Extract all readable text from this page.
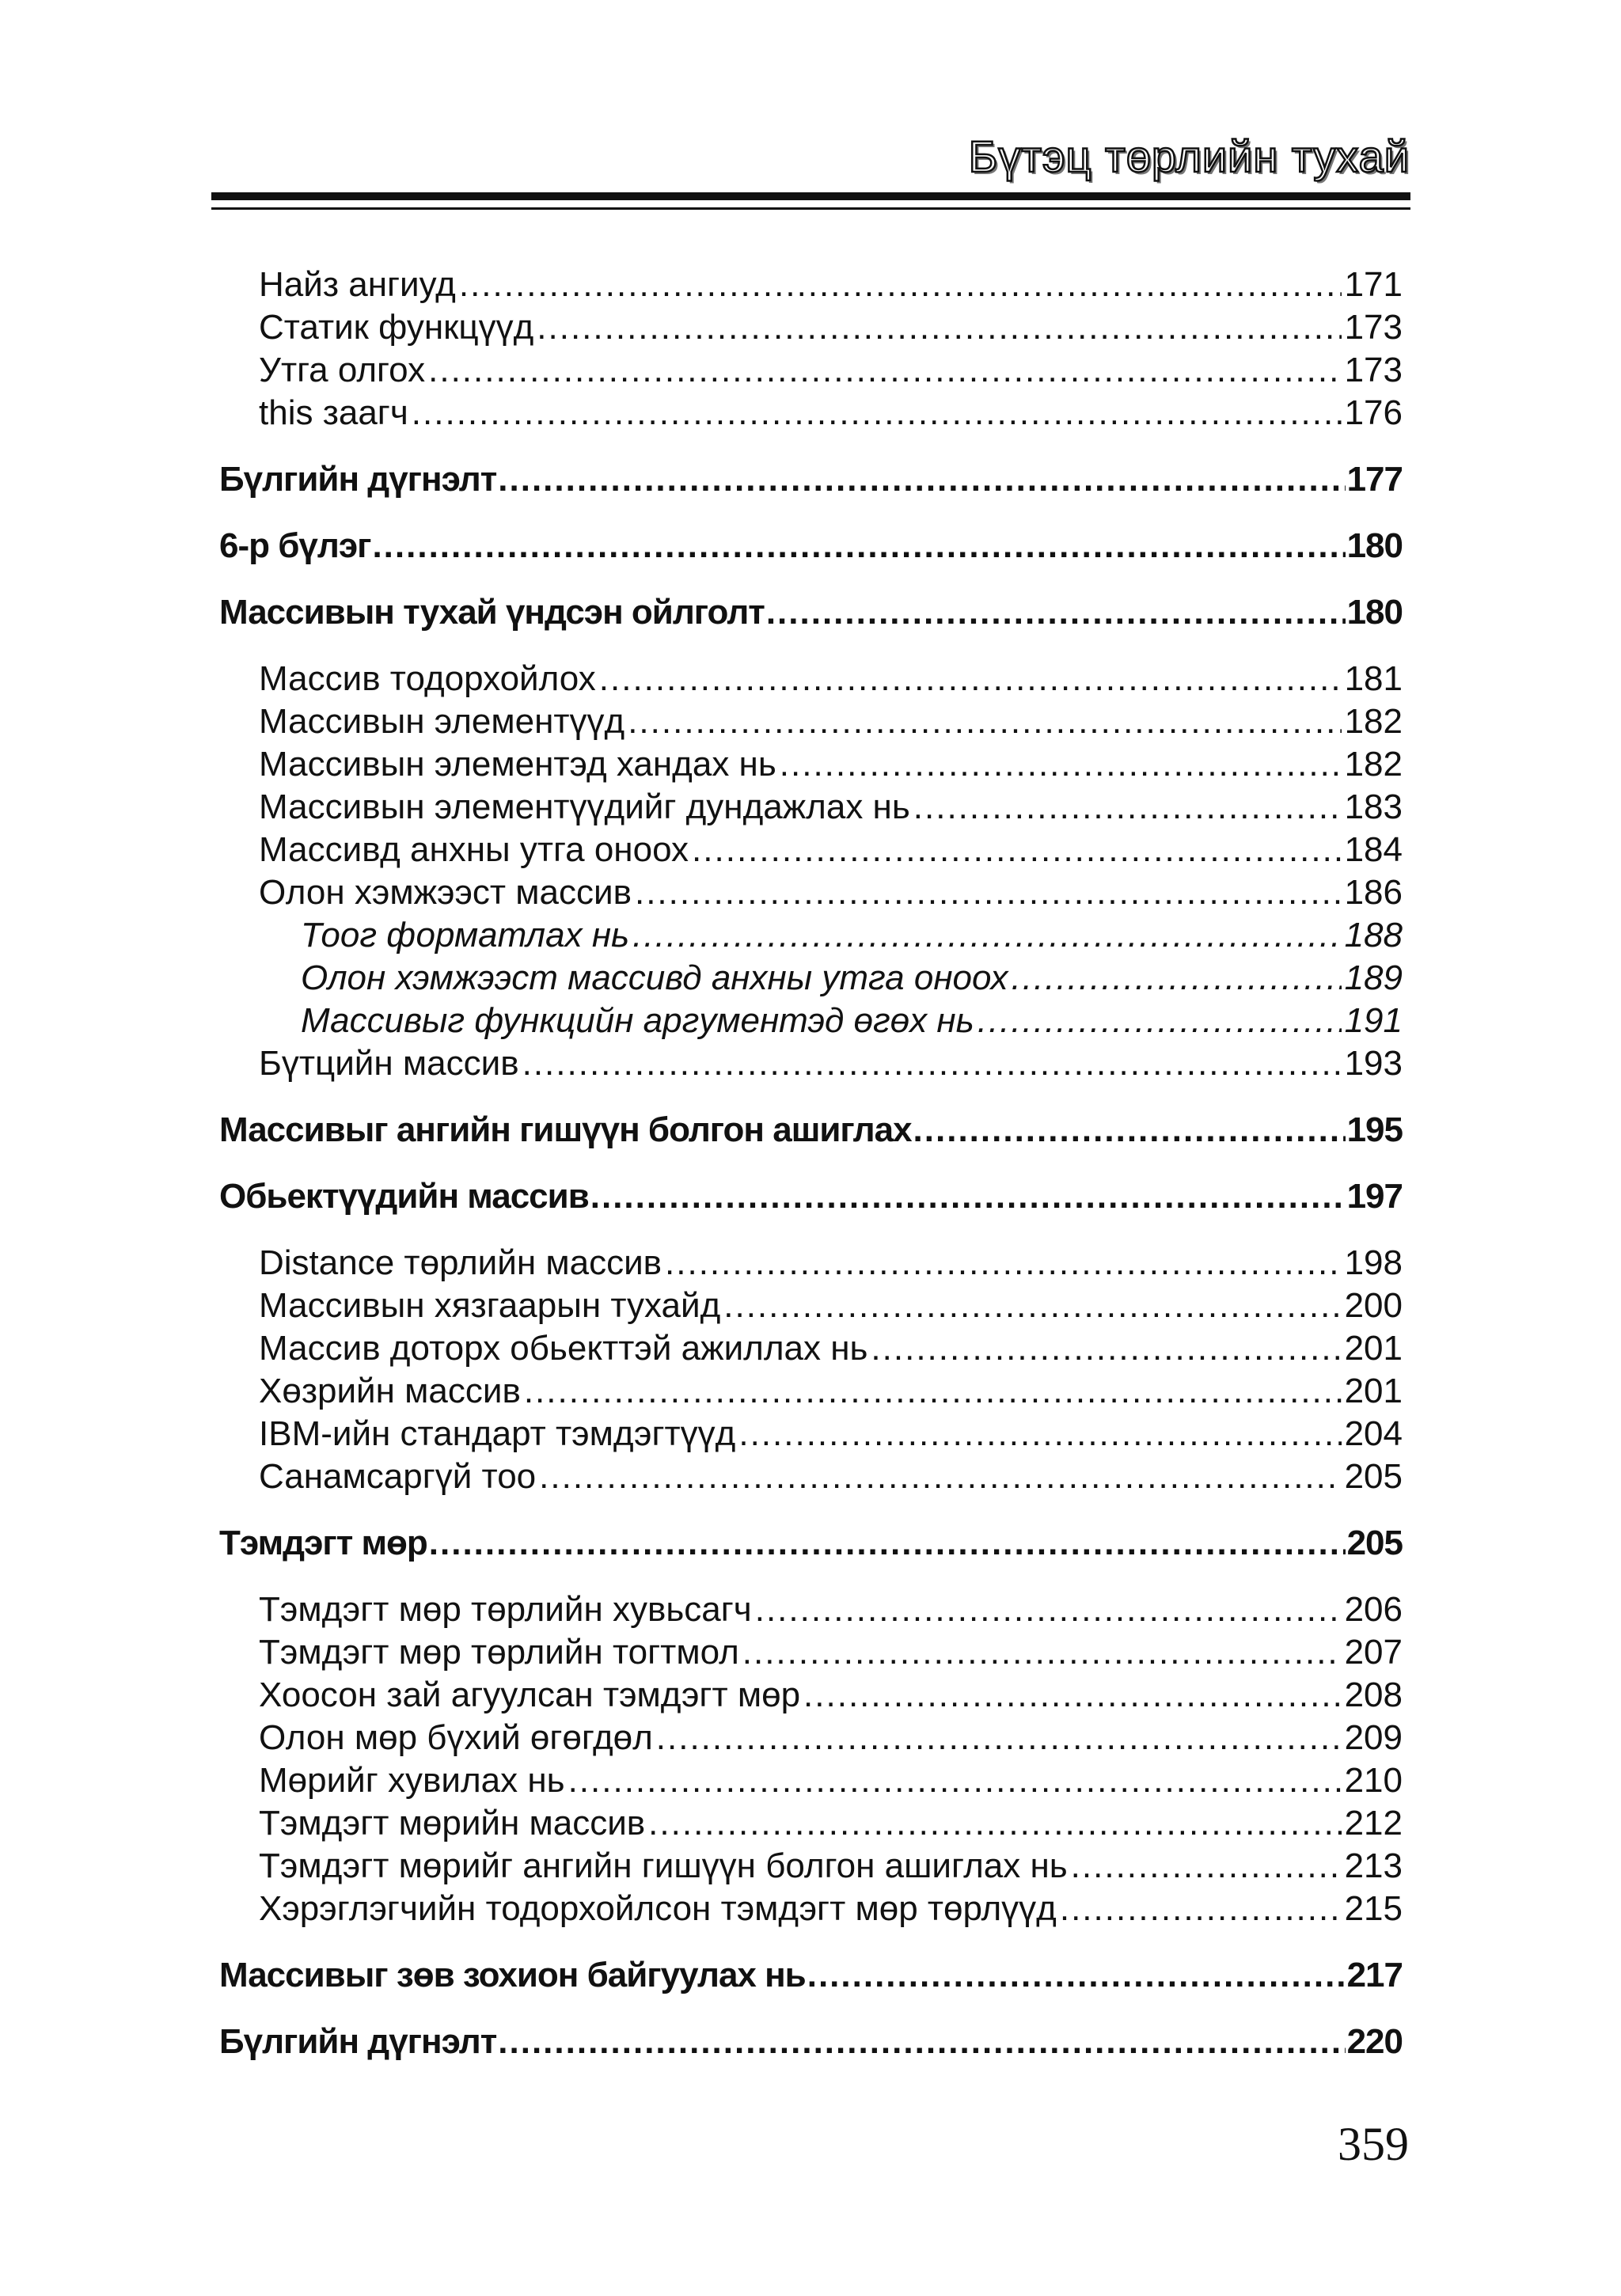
Бүтэц төрлийн тухай
Найз ангиуд .....	171
Статик функцүүд .....	173
Утга олгох .....	173
this заагч .....	176
Бүлгийн дүгнэлт .....	177
6-р бүлэг .....	180
Массивын тухай үндсэн ойлголт .....	180
Массив тодорхойлох .....	181
Массивын элементүүд .....	182
Массивын элементэд хандах нь .....	182
Массивын элементүүдийг дундажлах нь .....	183
Массивд анхны утга оноох .....	184
Олон хэмжээст массив .....	186
Тоог форматлах нь .....	188
Олон хэмжээст массивд анхны утга оноох .....	189
Массивыг функцийн аргументэд өгөх нь .....	191
Бүтцийн массив .....	193
Массивыг ангийн гишүүн болгон ашиглах .....	195
Обьектүүдийн массив .....	197
Distance төрлийн массив .....	198
Массивын хязгаарын тухайд .....	200
Массив доторх обьекттэй ажиллах нь .....	201
Хөзрийн массив .....	201
IBM-ийн стандарт тэмдэгтүүд .....	204
Санамсаргүй тоо .....	205
Тэмдэгт мөр .....	205
Тэмдэгт мөр төрлийн хувьсагч .....	206
Тэмдэгт мөр төрлийн тогтмол .....	207
Хоосон зай агуулсан тэмдэгт мөр .....	208
Олон мөр бүхий өгөгдөл .....	209
Мөрийг хувилах нь .....	210
Тэмдэгт мөрийн массив .....	212
Тэмдэгт мөрийг ангийн гишүүн болгон ашиглах нь .....	213
Хэрэглэгчийн тодорхойлсон тэмдэгт мөр төрлүүд .....	215
Массивыг зөв зохион байгуулах нь .....	217
Бүлгийн дүгнэлт .....	220
359
